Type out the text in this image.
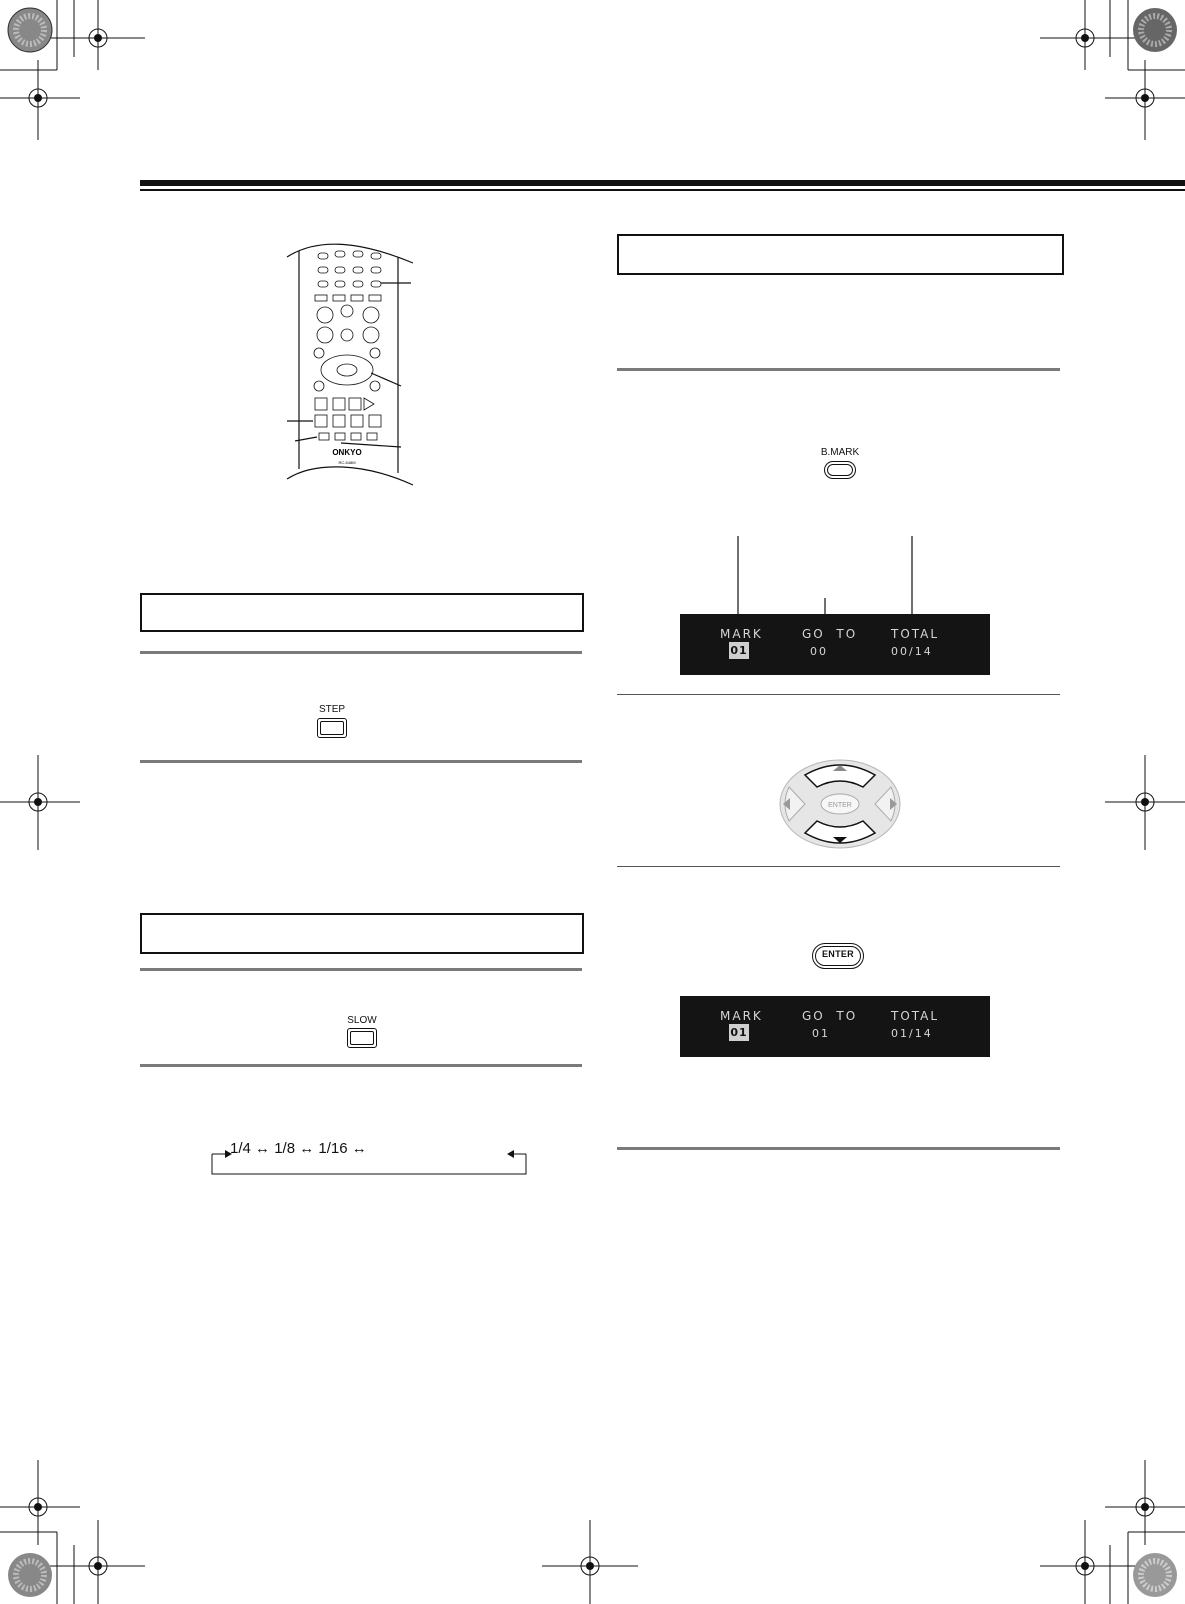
ONKYO
RC-548M
STEP
SLOW
1/4 ↔ 1/8 ↔ 1/16 ↔
B.MARK
MARK	GO  TO	TOTAL
01	00	00/14
ENTER
ENTER
MARK	GO  TO	TOTAL
01	01	01/14
